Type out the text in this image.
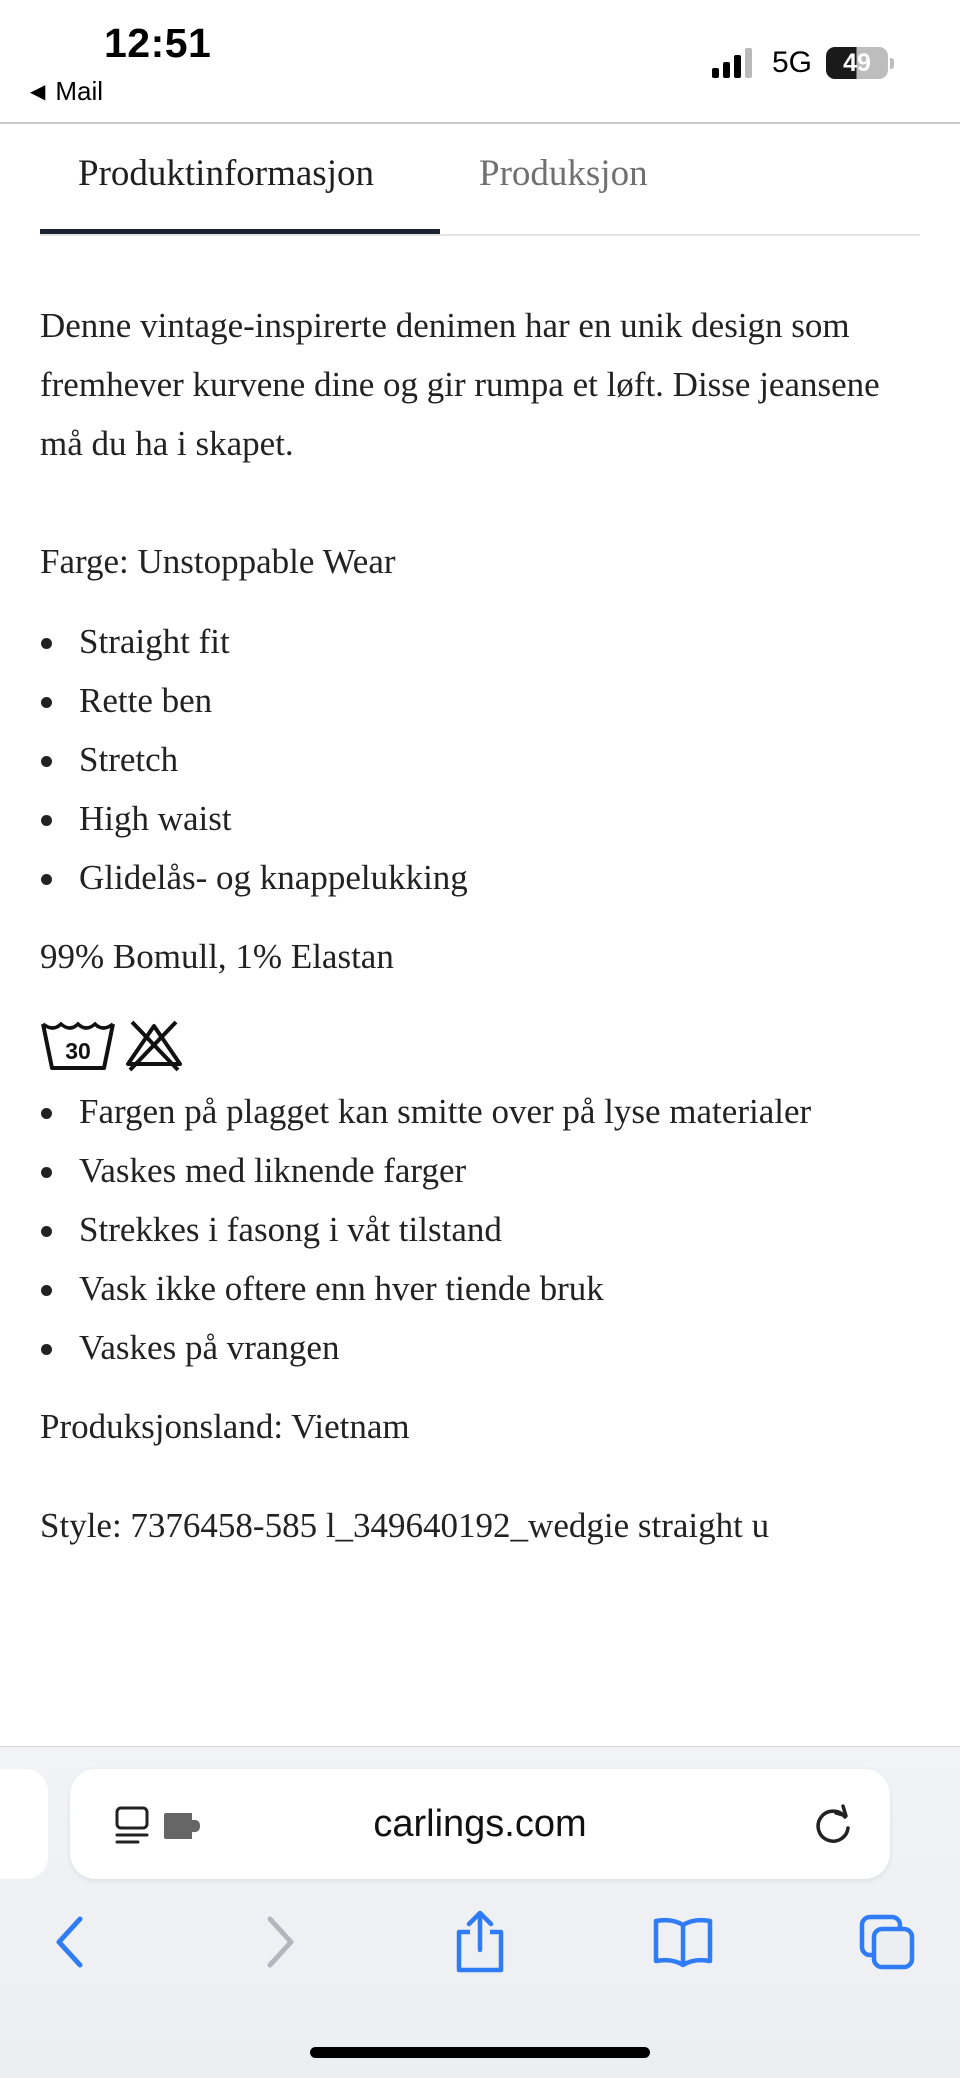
12:51
◀ Mail
5G 49
Produktinformasjon	Produksjon

Denne vintage-inspirerte denimen har en unik design som fremhever kurvene dine og gir rumpa et løft. Disse jeansene må du ha i skapet.

Farge: Unstoppable Wear

Straight fit
Rette ben
Stretch
High waist
Glidelås- og knappelukking

99% Bomull, 1% Elastan

30
Fargen på plagget kan smitte over på lyse materialer
Vaskes med liknende farger
Strekkes i fasong i våt tilstand
Vask ikke oftere enn hver tiende bruk
Vaskes på vrangen

Produksjonsland: Vietnam

Style: 7376458-585 l_349640192_wedgie straight u

carlings.com
